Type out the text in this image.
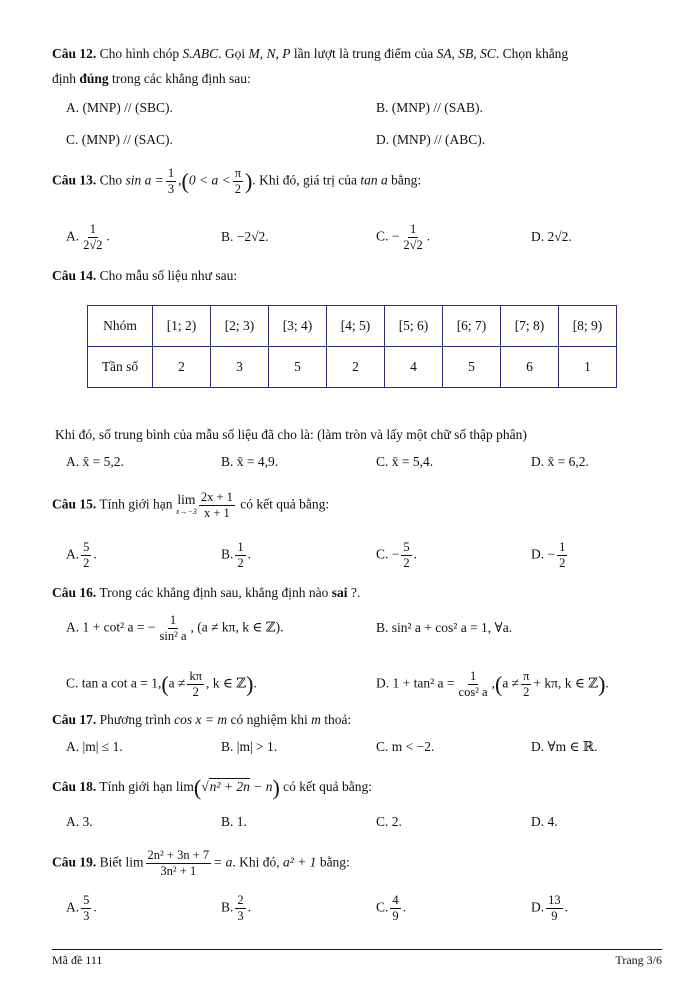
Câu 12. Cho hình chóp S.ABC. Gọi M, N, P lần lượt là trung điểm của SA, SB, SC. Chọn khẳng
định đúng trong các khẳng định sau:
A. (MNP) // (SBC).	B. (MNP) // (SAB).
C. (MNP) // (SAC).	D. (MNP) // (ABC).
Câu 13. Cho $\sin a = \frac{1}{3} ,(0 < a < \frac{\pi}{2}$ ). Khi đó, giá trị của tan a bằng:
A. $\frac{1}{2√2}$ .	B. −2√2.	C. − $\frac{1}{2√2}$ .	D. 2√2.
Câu 14. Cho mẫu số liệu như sau:
Nhóm	[1; 2)	[2; 3)	[3; 4)	[4; 5)	[5; 6)	[6; 7)	[7; 8)	[8; 9)
Tần số	2	3	5	2	4	5	6	1
Khi đó, số trung bình của mẫu số liệu đã cho là: (làm tròn và lấy một chữ số thập phân)
A. x̄ = 5,2.	B. x̄ = 4,9.	C. x̄ = 5,4.	D. x̄ = 6,2.
Câu 15. Tính giới hạn lim
$x\to-3 \frac{2x + 1}{x + 1}$ có kết quả bằng:
A. $\frac{5}{2}$ .	B. $\frac{1}{2}$ .	C. − $\frac{5}{2}$ .	D. − $\frac{1}{2}$
Câu 16. Trong các khẳng định sau, khẳng định nào sai ?.
A. 1 + cot² a = − $\frac{1}{\text{sin² a}}$ , (a ≠ kπ, k ∈ ℤ).	B. sin² a + cos² a = 1, ∀a.
C. tan a $\cot a = 1,(a \ne \frac{k\pi}{2}$ , k ∈ ℤ).	D. 1 + tan² $a = \frac{1}{\text{cos² a}} ,(a \ne \frac{\pi}{2} + k\pi$, k ∈ ℤ).
Câu 17. Phương trình cos x = m có nghiệm khi m thoả:
A. |m| ≤ 1.	B. |m| > 1.	C. m < −2.	D. ∀m ∈ ℝ.
Câu 18. Tính giới hạn lim(√n² + 2n − n) có kết quả bằng:
A. 3.	B. 1.	C. 2.	D. 4.
Câu 19. Biết $\lim \frac{\text{2n² + 3n + 7}}{\text{3n² + 1}} = a$. Khi đó, a² + 1 bằng:
A. $\frac{5}{3}$ .	B. $\frac{2}{3}$ .	C. $\frac{4}{9}$ .	D. $\frac{13}{9}$ .
Mã đề 111	Trang 3/6
